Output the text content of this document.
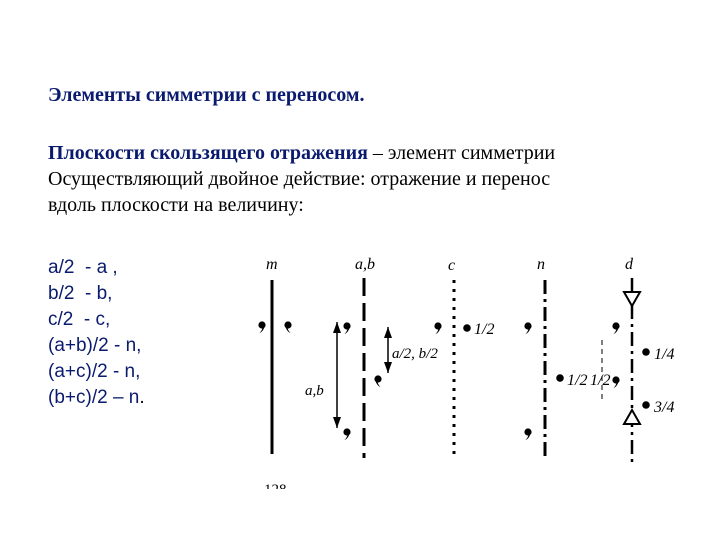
Элементы симметрии с переносом.
Плоскости скользящего отражения – элемент симметрии
Осуществляющий двойное действие: отражение и перенос
вдоль плоскости на величину:
a/2  - a ,
b/2  - b,
c/2  - c,
(a+b)/2 - n,
(a+c)/2 - n,
(b+c)/2 – n.
m	a,b
a,b
a/2, b/2
c
1/2
n
1/2 1/2
d
1/4
3/4
128
